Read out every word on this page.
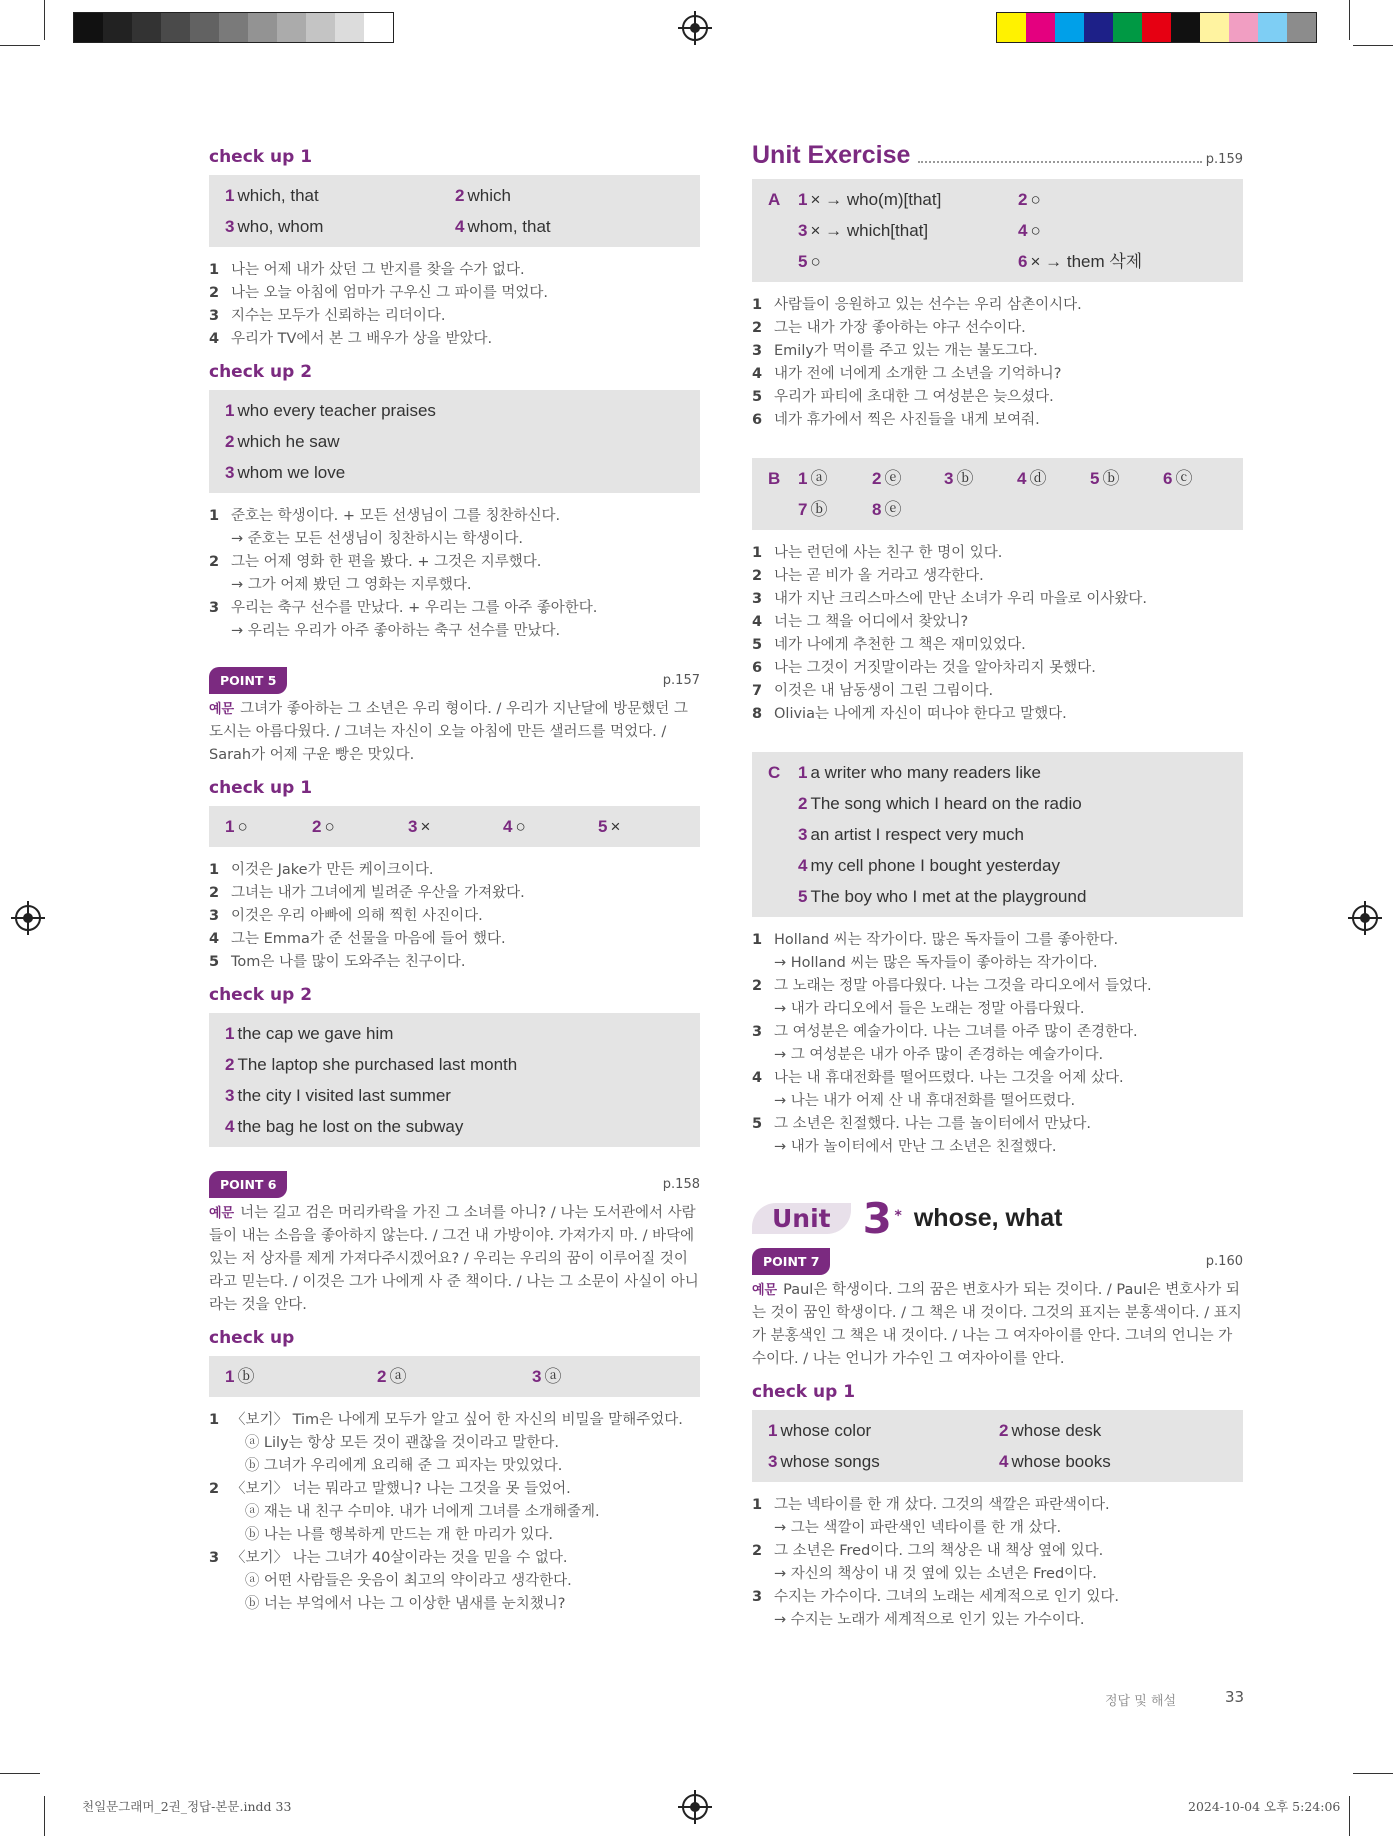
check up 1
1 which, that	2 which
3 who, whom	4 whom, that
1 나는 어제 내가 샀던 그 반지를 찾을 수가 없다.
2 나는 오늘 아침에 엄마가 구우신 그 파이를 먹었다.
3 지수는 모두가 신뢰하는 리더이다.
4 우리가 TV에서 본 그 배우가 상을 받았다.
check up 2
1 who every teacher praises
2 which he saw
3 whom we love
1 준호는 학생이다. + 모든 선생님이 그를 칭찬하신다.
→ 준호는 모든 선생님이 칭찬하시는 학생이다.
2 그는 어제 영화 한 편을 봤다. + 그것은 지루했다.
→ 그가 어제 봤던 그 영화는 지루했다.
3 우리는 축구 선수를 만났다. + 우리는 그를 아주 좋아한다.
→ 우리는 우리가 아주 좋아하는 축구 선수를 만났다.
POINT 5	p.157
예문 그녀가 좋아하는 그 소년은 우리 형이다. / 우리가 지난달에 방문했던 그 도시는 아름다웠다. / 그녀는 자신이 오늘 아침에 만든 샐러드를 먹었다. / Sarah가 어제 구운 빵은 맛있다.
check up 1
1 ○	2 ○	3 ×	4 ○	5 ×
1 이것은 Jake가 만든 케이크이다.
2 그녀는 내가 그녀에게 빌려준 우산을 가져왔다.
3 이것은 우리 아빠에 의해 찍힌 사진이다.
4 그는 Emma가 준 선물을 마음에 들어 했다.
5 Tom은 나를 많이 도와주는 친구이다.
check up 2
1 the cap we gave him
2 The laptop she purchased last month
3 the city I visited last summer
4 the bag he lost on the subway
POINT 6	p.158
예문 너는 길고 검은 머리카락을 가진 그 소녀를 아니? / 나는 도서관에서 사람들이 내는 소음을 좋아하지 않는다. / 그건 내 가방이야. 가져가지 마. / 바닥에 있는 저 상자를 제게 가져다주시겠어요? / 우리는 우리의 꿈이 이루어질 것이라고 믿는다. / 이것은 그가 나에게 사 준 책이다. / 나는 그 소문이 사실이 아니라는 것을 안다.
check up
1 ⓑ	2 ⓐ	3 ⓐ
1 〈보기〉 Tim은 나에게 모두가 알고 싶어 한 자신의 비밀을 말해주었다.
ⓐ Lily는 항상 모든 것이 괜찮을 것이라고 말한다.
ⓑ 그녀가 우리에게 요리해 준 그 피자는 맛있었다.
2 〈보기〉 너는 뭐라고 말했니? 나는 그것을 못 들었어.
ⓐ 재는 내 친구 수미야. 내가 너에게 그녀를 소개해줄게.
ⓑ 나는 나를 행복하게 만드는 개 한 마리가 있다.
3 〈보기〉 나는 그녀가 40살이라는 것을 믿을 수 없다.
ⓐ 어떤 사람들은 웃음이 최고의 약이라고 생각한다.
ⓑ 너는 부엌에서 나는 그 이상한 냄새를 눈치챘니?
Unit Exercise	p.159
A	1 × → who(m)[that]	2 ○
3 × → which[that]	4 ○
5 ○	6 × → them 삭제
1 사람들이 응원하고 있는 선수는 우리 삼촌이시다.
2 그는 내가 가장 좋아하는 야구 선수이다.
3 Emily가 먹이를 주고 있는 개는 불도그다.
4 내가 전에 너에게 소개한 그 소년을 기억하니?
5 우리가 파티에 초대한 그 여성분은 늦으셨다.
6 네가 휴가에서 찍은 사진들을 내게 보여줘.
B	1 ⓐ	2 ⓔ	3 ⓑ	4 ⓓ	5 ⓑ	6 ⓒ
7 ⓑ	8 ⓔ
1 나는 런던에 사는 친구 한 명이 있다.
2 나는 곧 비가 올 거라고 생각한다.
3 내가 지난 크리스마스에 만난 소녀가 우리 마을로 이사왔다.
4 너는 그 책을 어디에서 찾았니?
5 네가 나에게 추천한 그 책은 재미있었다.
6 나는 그것이 거짓말이라는 것을 알아차리지 못했다.
7 이것은 내 남동생이 그린 그림이다.
8 Olivia는 나에게 자신이 떠나야 한다고 말했다.
C	1 a writer who many readers like
2 The song which I heard on the radio
3 an artist I respect very much
4 my cell phone I bought yesterday
5 The boy who I met at the playground
1 Holland 씨는 작가이다. 많은 독자들이 그를 좋아한다.
→ Holland 씨는 많은 독자들이 좋아하는 작가이다.
2 그 노래는 정말 아름다웠다. 나는 그것을 라디오에서 들었다.
→ 내가 라디오에서 들은 노래는 정말 아름다웠다.
3 그 여성분은 예술가이다. 나는 그녀를 아주 많이 존경한다.
→ 그 여성분은 내가 아주 많이 존경하는 예술가이다.
4 나는 내 휴대전화를 떨어뜨렸다. 나는 그것을 어제 샀다.
→ 나는 내가 어제 산 내 휴대전화를 떨어뜨렸다.
5 그 소년은 친절했다. 나는 그를 놀이터에서 만났다.
→ 내가 놀이터에서 만난 그 소년은 친절했다.
Unit 3 * whose, what
POINT 7	p.160
예문 Paul은 학생이다. 그의 꿈은 변호사가 되는 것이다. / Paul은 변호사가 되는 것이 꿈인 학생이다. / 그 책은 내 것이다. 그것의 표지는 분홍색이다. / 표지가 분홍색인 그 책은 내 것이다. / 나는 그 여자아이를 안다. 그녀의 언니는 가수이다. / 나는 언니가 가수인 그 여자아이를 안다.
check up 1
1 whose color	2 whose desk
3 whose songs	4 whose books
1 그는 넥타이를 한 개 샀다. 그것의 색깔은 파란색이다.
→ 그는 색깔이 파란색인 넥타이를 한 개 샀다.
2 그 소년은 Fred이다. 그의 책상은 내 책상 옆에 있다.
→ 자신의 책상이 내 것 옆에 있는 소년은 Fred이다.
3 수지는 가수이다. 그녀의 노래는 세계적으로 인기 있다.
→ 수지는 노래가 세계적으로 인기 있는 가수이다.
정답 및 해설	33
천일문그래머_2권_정답-본문.indd 33	2024-10-04 오후 5:24:06
